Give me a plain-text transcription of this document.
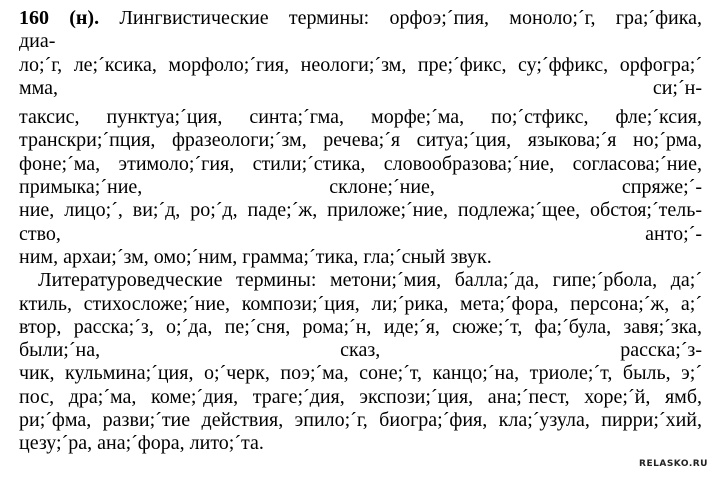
160 (н). Лингвистические термины: орфоэ;´пия, моноло;´г, гра;´фика,
диа-
ло;´г, ле;´ксика, морфоло;´гия, неологи;´зм, пре;´фикс, су;´ффикс, орфогра;´
мма, си;´н-
таксис, пунктуа;´ция, синта;´гма, морфе;´ма, по;´стфикс, фле;´ксия,
транскри;´пция, фразеологи;´зм, речева;´я ситуа;´ция, языкова;´я но;´рма,
фоне;´ма, этимоло;´гия, стили;´стика, словообразова;´ние, согласова;´ние,
примыка;´ние, склоне;´ние, спряже;´-
ние, лицо;´, ви;´д, ро;´д, паде;´ж, приложе;´ние, подлежа;´щее, обстоя;´тель-
ство, анто;´-
ним, архаи;´зм, омо;´ним, грамма;´тика, гла;´сный звук.
Литературоведческие термины: метони;´мия, балла;´да, гипе;´рбола, да;´
ктиль, стихосложе;´ние, компози;´ция, ли;´рика, мета;´фора, персона;´ж, а;´
втор, расска;´з, о;´да, пе;´сня, рома;´н, иде;´я, сюже;´т, фа;´була, завя;´зка,
были;´на, сказ, расска;´з-
чик, кульмина;´ция, о;´черк, поэ;´ма, соне;´т, канцо;´на, триоле;´т, быль, э;´
пос, дра;´ма, коме;´дия, траге;´дия, экспози;´ция, ана;´пест, хоре;´й, ямб,
ри;´фма, разви;´тие действия, эпило;´г, биогра;´фия, кла;´узула, пирри;´хий,
цезу;´ра, ана;´фора, лито;´та.
RELASKO.RU
